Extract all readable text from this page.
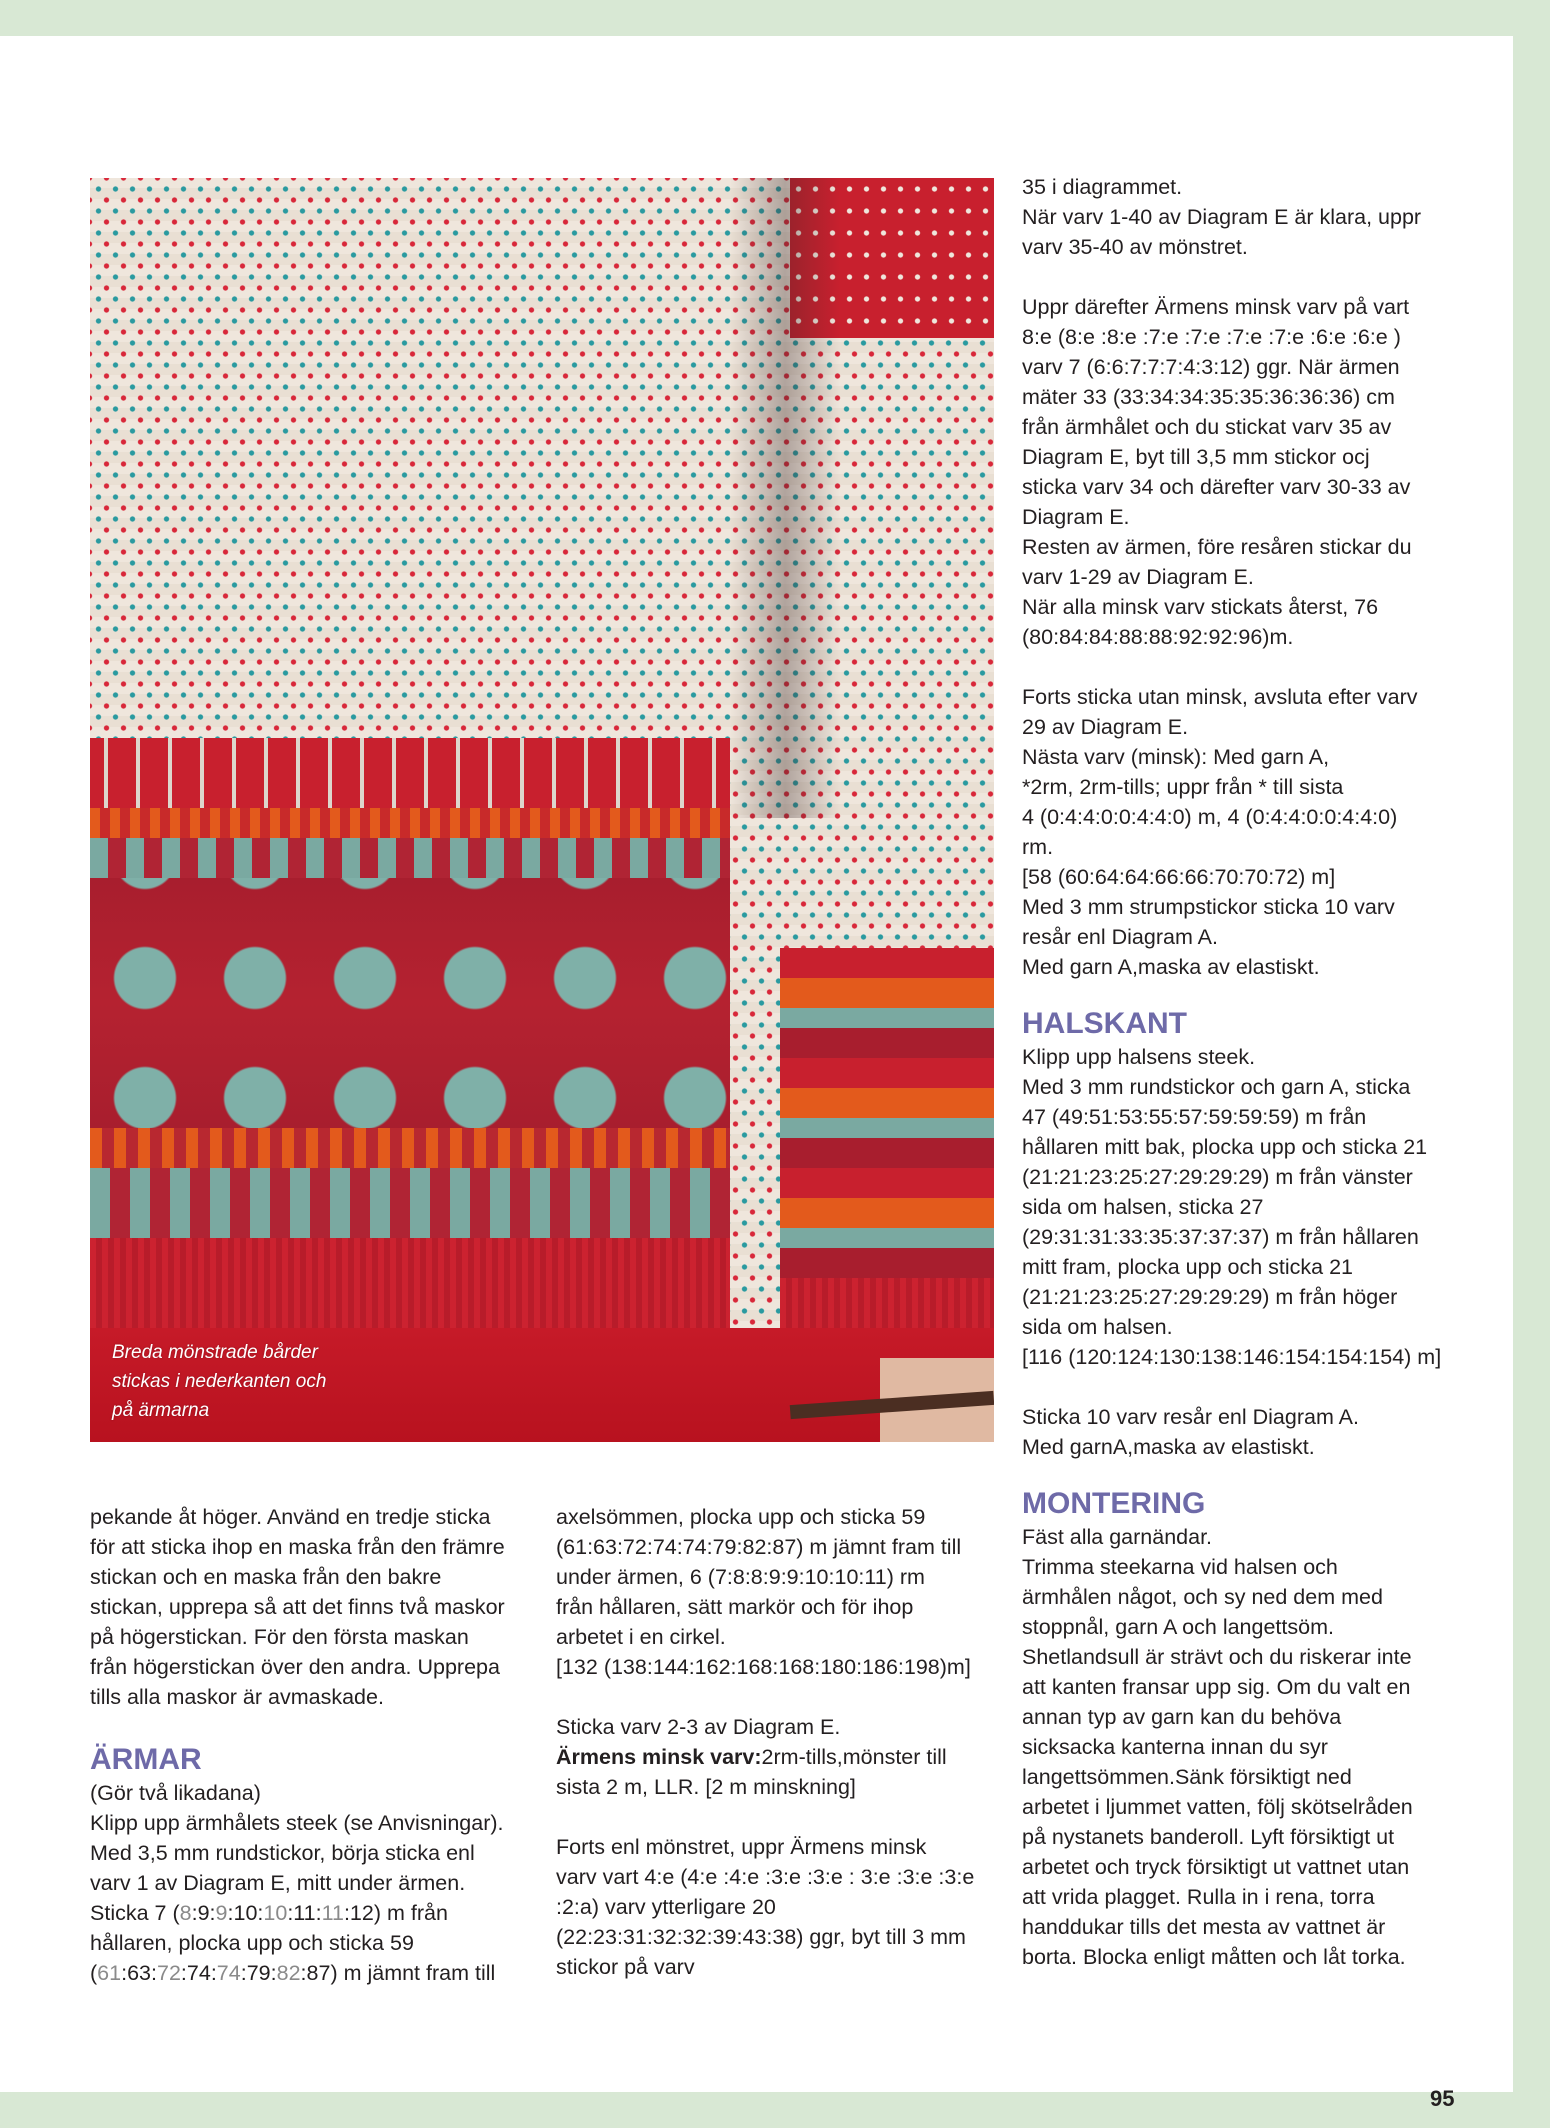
Breda mönstrade bårder
stickas i nederkanten och
på ärmarna

pekande åt höger. Använd en tredje sticka
för att sticka ihop en maska från den främre
stickan och en maska från den bakre
stickan, upprepa så att det finns två maskor
på högerstickan. För den första maskan
från högerstickan över den andra. Upprepa
tills alla maskor är avmaskade.

ÄRMAR

(Gör två likadana)

Klipp upp ärmhålets steek (se Anvisningar).
Med 3,5 mm rundstickor, börja sticka enl
varv 1 av Diagram E, mitt under ärmen.

Sticka 7 (8:9:9:10:10:11:11:12) m från

hållaren, plocka upp och sticka 59

(61:63:72:74:74:79:82:87) m jämnt fram till

axelsömmen, plocka upp och sticka 59
(61:63:72:74:74:79:82:87) m jämnt fram till
under ärmen, 6 (7:8:8:9:9:10:10:11) rm
från hållaren, sätt markör och för ihop
arbetet i en cirkel.
[132 (138:144:162:168:168:180:186:198)m]

Sticka varv 2-3 av Diagram E.

Ärmens minsk varv:2rm-tills,mönster till

sista 2 m, LLR. [2 m minskning]

Forts enl mönstret, uppr Ärmens minsk
varv vart 4:e (4:e :4:e :3:e :3:e : 3:e :3:e :3:e
:2:a) varv ytterligare 20
(22:23:31:32:32:39:43:38) ggr, byt till 3 mm
stickor på varv

35 i diagrammet.
När varv 1-40 av Diagram E är klara, uppr
varv 35-40 av mönstret.

Uppr därefter Ärmens minsk varv på vart
8:e (8:e :8:e :7:e :7:e :7:e :7:e :6:e :6:e )
varv 7 (6:6:7:7:7:4:3:12) ggr. När ärmen
mäter 33 (33:34:34:35:35:36:36:36) cm
från ärmhålet och du stickat varv 35 av
Diagram E, byt till 3,5 mm stickor ocj
sticka varv 34 och därefter varv 30-33 av
Diagram E.
Resten av ärmen, före resåren stickar du
varv 1-29 av Diagram E.
När alla minsk varv stickats återst, 76
(80:84:84:88:88:92:92:96)m.

Forts sticka utan minsk, avsluta efter varv
29 av Diagram E.
Nästa varv (minsk): Med garn A,
*2rm, 2rm-tills; uppr från * till sista
4 (0:4:4:0:0:4:4:0) m, 4 (0:4:4:0:0:4:4:0)
rm.
[58 (60:64:64:66:66:70:70:72) m]
Med 3 mm strumpstickor sticka 10 varv
resår enl Diagram A.
Med garn A,maska av elastiskt.

HALSKANT

Klipp upp halsens steek.
Med 3 mm rundstickor och garn A, sticka
47 (49:51:53:55:57:59:59:59) m från
hållaren mitt bak, plocka upp och sticka 21
(21:21:23:25:27:29:29:29) m från vänster
sida om halsen, sticka 27
(29:31:31:33:35:37:37:37) m från hållaren
mitt fram, plocka upp och sticka 21
(21:21:23:25:27:29:29:29) m från höger
sida om halsen.
[116 (120:124:130:138:146:154:154:154) m]

Sticka 10 varv resår enl Diagram A.
Med garnA,maska av elastiskt.

MONTERING

Fäst alla garnändar.
Trimma steekarna vid halsen och
ärmhålen något, och sy ned dem med
stoppnål, garn A och langettsöm.
Shetlandsull är strävt och du riskerar inte
att kanten fransar upp sig. Om du valt en
annan typ av garn kan du behöva
sicksacka kanterna innan du syr
langettsömmen.Sänk försiktigt ned
arbetet i ljummet vatten, följ skötselråden
på nystanets banderoll. Lyft försiktigt ut
arbetet och tryck försiktigt ut vattnet utan
att vrida plagget. Rulla in i rena, torra
handdukar tills det mesta av vattnet är
borta. Blocka enligt måtten och låt torka.

95
